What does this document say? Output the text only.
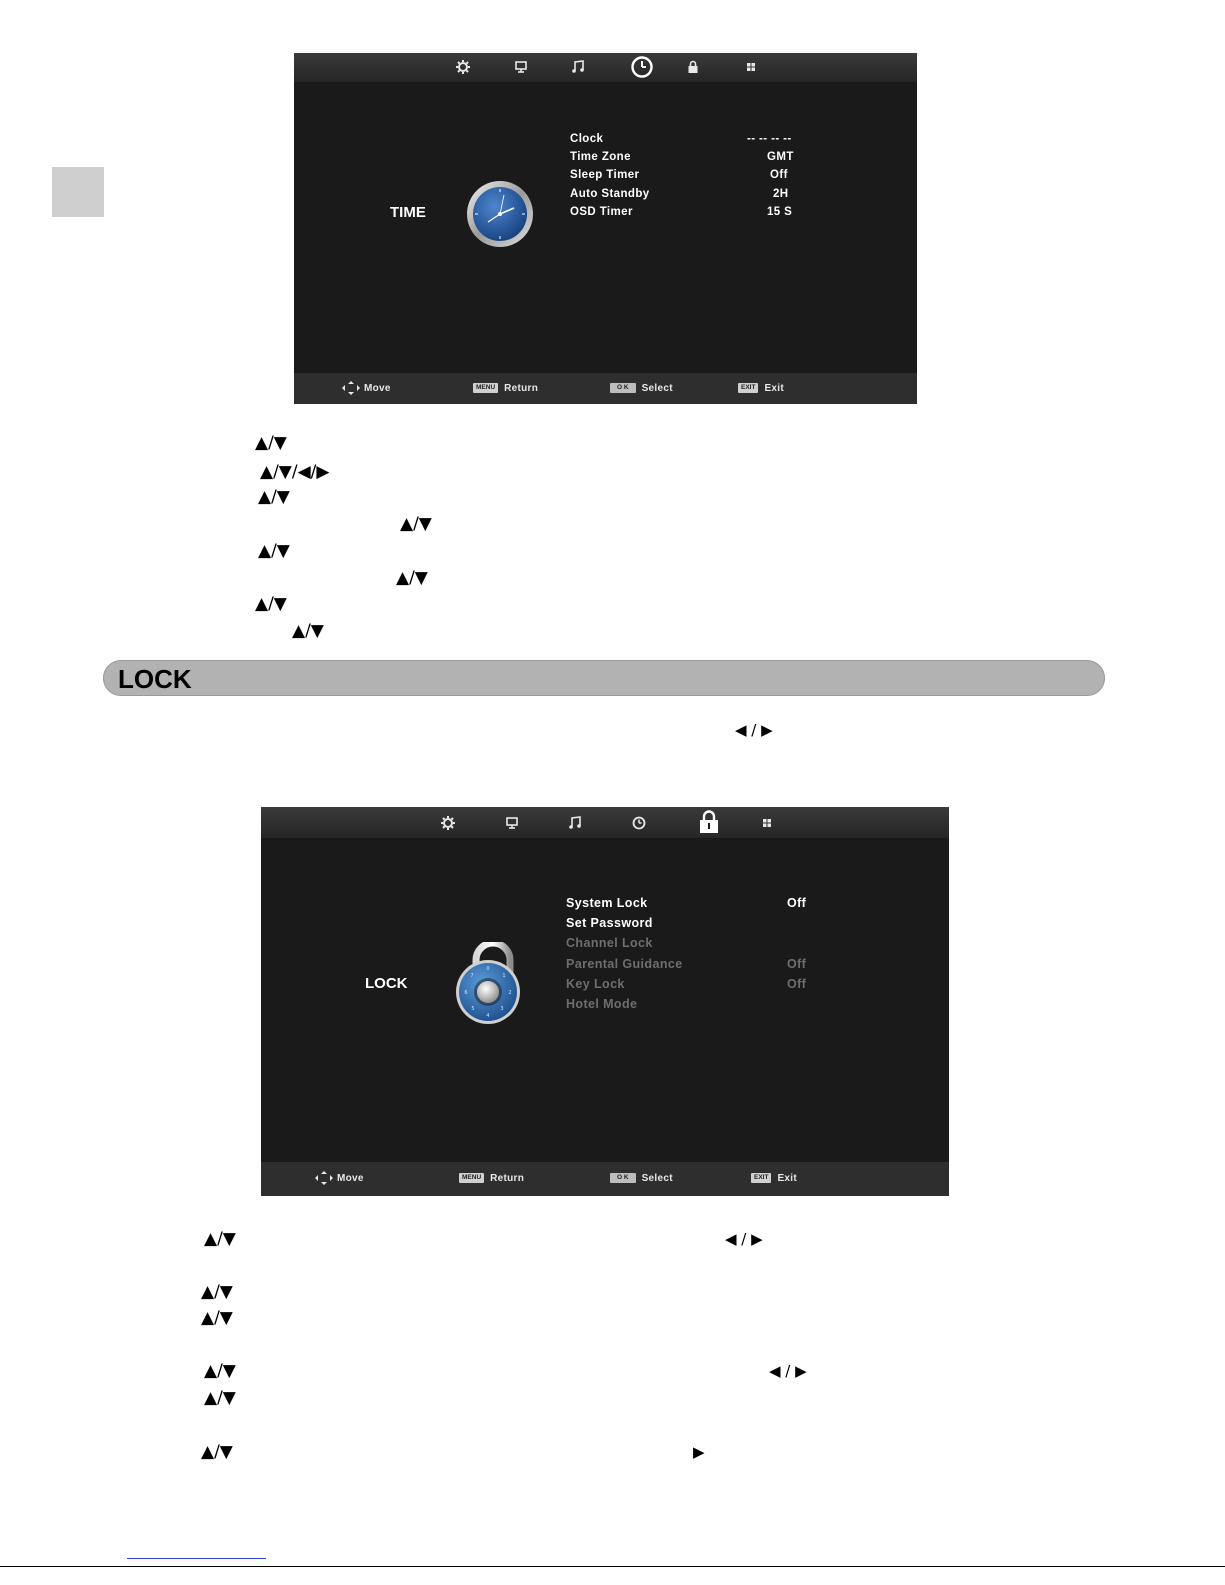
TIME
Clock	-- -- -- --
Time Zone	GMT
Sleep Timer	Off
Auto Standby	2H
OSD Timer	15 S
Move	MENU Return	O K Select	EXIT Exit
▲/▼
▲/▼/◀/▶
▲/▼
▲/▼
▲/▼
▲/▼
▲/▼
▲/▼
LOCK
◀ / ▶
LOCK
0
1
2
3
4
5
6
7
System Lock	Off
Set Password
Channel Lock
Parental Guidance	Off
Key Lock	Off
Hotel Mode
Move	MENU Return	O K Select	EXIT Exit
▲/▼	◀ / ▶
▲/▼
▲/▼
▲/▼	◀ / ▶
▲/▼
▲/▼	▶
